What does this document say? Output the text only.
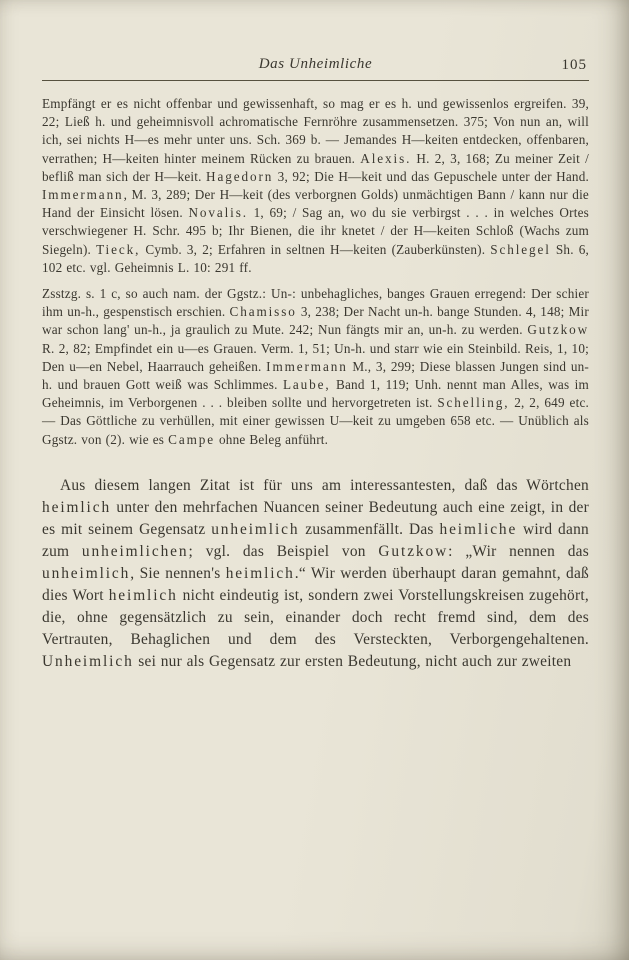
Das Unheimliche	105

Empfängt er es nicht offenbar und gewissenhaft, so mag er es h. und gewissenlos ergreifen. 39, 22; Ließ h. und geheimnisvoll achromatische Fernröhre zusammensetzen. 375; Von nun an, will ich, sei nichts H—es mehr unter uns. Sch. 369 b. — Jemandes H—keiten entdecken, offenbaren, verrathen; H—keiten hinter meinem Rücken zu brauen. Alexis. H. 2, 3, 168; Zu meiner Zeit / befliß man sich der H—keit. Hagedorn 3, 92; Die H—keit und das Gepuschele unter der Hand. Immermann, M. 3, 289; Der H—keit (des verborgnen Golds) unmächtigen Bann / kann nur die Hand der Einsicht lösen. Novalis. 1, 69; / Sag an, wo du sie verbirgst . . . in welches Ortes verschwiegener H. Schr. 495 b; Ihr Bienen, die ihr knetet / der H—keiten Schloß (Wachs zum Siegeln). Tieck, Cymb. 3, 2; Erfahren in seltnen H—keiten (Zauberkünsten). Schlegel Sh. 6, 102 etc. vgl. Geheimnis L. 10: 291 ff.

Zsstzg. s. 1 c, so auch nam. der Ggstz.: Un-: unbehagliches, banges Grauen erregend: Der schier ihm un-h., gespenstisch erschien. Chamisso 3, 238; Der Nacht un-h. bange Stunden. 4, 148; Mir war schon lang' un-h., ja graulich zu Mute. 242; Nun fängts mir an, un-h. zu werden. Gutzkow R. 2, 82; Empfindet ein u—es Grauen. Verm. 1, 51; Un-h. und starr wie ein Steinbild. Reis, 1, 10; Den u—en Nebel, Haarrauch geheißen. Immermann M., 3, 299; Diese blassen Jungen sind un-h. und brauen Gott weiß was Schlimmes. Laube, Band 1, 119; Unh. nennt man Alles, was im Geheimnis, im Verborgenen . . . bleiben sollte und hervorgetreten ist. Schelling, 2, 2, 649 etc. — Das Göttliche zu verhüllen, mit einer gewissen U—keit zu umgeben 658 etc. — Unüblich als Ggstz. von (2). wie es Campe ohne Beleg anführt.

Aus diesem langen Zitat ist für uns am interessantesten, daß das Wörtchen heimlich unter den mehrfachen Nuancen seiner Bedeutung auch eine zeigt, in der es mit seinem Gegensatz unheimlich zusammenfällt. Das heimliche wird dann zum unheimlichen; vgl. das Beispiel von Gutzkow: „Wir nennen das unheimlich, Sie nennen's heimlich.“ Wir werden überhaupt daran gemahnt, daß dies Wort heimlich nicht eindeutig ist, sondern zwei Vorstellungskreisen zugehört, die, ohne gegensätzlich zu sein, einander doch recht fremd sind, dem des Vertrauten, Behaglichen und dem des Versteckten, Verborgengehaltenen. Unheimlich sei nur als Gegensatz zur ersten Bedeutung, nicht auch zur zweiten
